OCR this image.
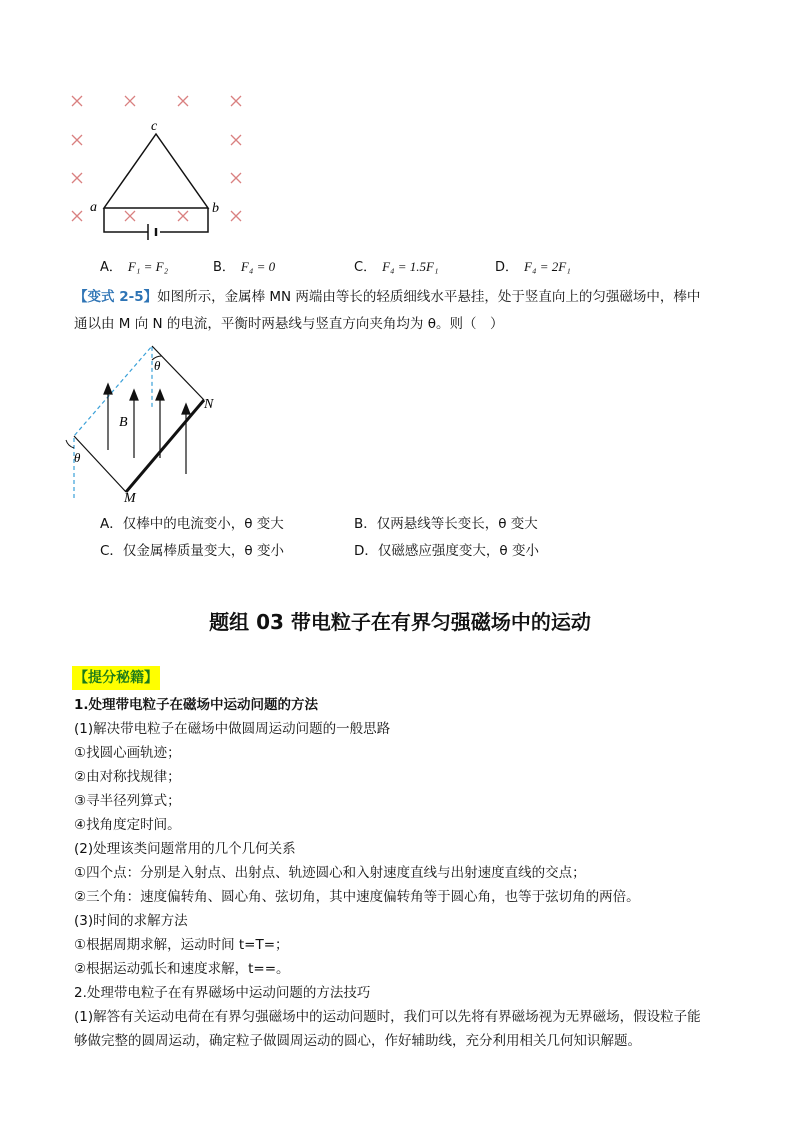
a	b
c
A． F₁ = F₂	B． F₄ = 0	C． F₄ = 1.5F₁	D． F₄ = 2F₁
【变式 2-5】如图所示，金属棒 MN 两端由等长的轻质细线水平悬挂，处于竖直向上的匀强磁场中，棒中
通以由 M 向 N 的电流，平衡时两悬线与竖直方向夹角均为 θ。则（　）
θ
θ
B
N
M
A．仅棒中的电流变小，θ 变大	B．仅两悬线等长变长，θ 变大
C．仅金属棒质量变大，θ 变小	D．仅磁感应强度变大，θ 变小
题组 03 带电粒子在有界匀强磁场中的运动
【提分秘籍】
1.处理带电粒子在磁场中运动问题的方法
(1)解决带电粒子在磁场中做圆周运动问题的一般思路
①找圆心画轨迹；
②由对称找规律；
③寻半径列算式；
④找角度定时间。
(2)处理该类问题常用的几个几何关系
①四个点：分别是入射点、出射点、轨迹圆心和入射速度直线与出射速度直线的交点；
②三个角：速度偏转角、圆心角、弦切角，其中速度偏转角等于圆心角，也等于弦切角的两倍。
(3)时间的求解方法
①根据周期求解，运动时间 t=T=；
②根据运动弧长和速度求解，t==。
2.处理带电粒子在有界磁场中运动问题的方法技巧
(1)解答有关运动电荷在有界匀强磁场中的运动问题时，我们可以先将有界磁场视为无界磁场，假设粒子能
够做完整的圆周运动，确定粒子做圆周运动的圆心，作好辅助线，充分利用相关几何知识解题。
